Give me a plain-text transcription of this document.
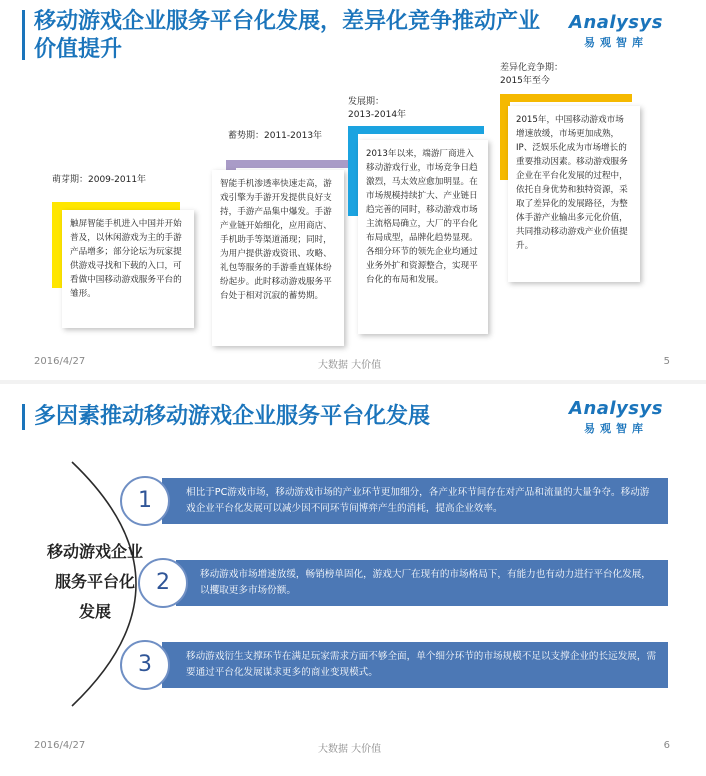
移动游戏企业服务平台化发展，差异化竞争推动产业
价值提升
Analysys
易观智库
萌芽期：2009-2011年
触屏智能手机进入中国并开始普及，以休闲游戏为主的手游产品增多；部分论坛为玩家提供游戏寻找和下载的入口，可看做中国移动游戏服务平台的雏形。
蓄势期：2011-2013年
智能手机渗透率快速走高，游戏引擎为手游开发提供良好支持，手游产品集中爆发。手游产业链开始细化，应用商店、手机助手等渠道涌现；同时，为用户提供游戏资讯、攻略、礼包等服务的手游垂直媒体纷纷起步。此时移动游戏服务平台处于相对沉寂的蓄势期。
发展期：
2013-2014年
2013年以来，端游厂商进入移动游戏行业，市场竞争日趋激烈，马太效应愈加明显。在市场规模持续扩大、产业链日趋完善的同时，移动游戏市场主流格局确立，大厂的平台化布局成型，品牌化趋势显现。各细分环节的领先企业均通过业务外扩和资源整合，实现平台化的布局和发展。
差异化竞争期：
2015年至今
2015年，中国移动游戏市场增速放缓，市场更加成熟，IP、泛娱乐化成为市场增长的重要推动因素。移动游戏服务企业在平台化发展的过程中，依托自身优势和独特资源，采取了差异化的发展路径，为整体手游产业输出多元化价值，共同推动移动游戏产业价值提升。
2016/4/27	大数据 大价值	5
多因素推动移动游戏企业服务平台化发展	Analysys
易观智库
移动游戏企业
服务平台化
发展
相比于PC游戏市场，移动游戏市场的产业环节更加细分，各产业环节间存在对产品和流量的大量争夺。移动游戏企业平台化发展可以减少因不同环节间博弈产生的消耗，提高企业效率。
移动游戏市场增速放缓，畅销榜单固化，游戏大厂在现有的市场格局下，有能力也有动力进行平台化发展，以攫取更多市场份额。
移动游戏衍生支撑环节在满足玩家需求方面不够全面，单个细分环节的市场规模不足以支撑企业的长远发展，需要通过平台化发展谋求更多的商业变现模式。
1
2
3
2016/4/27	大数据 大价值	6
